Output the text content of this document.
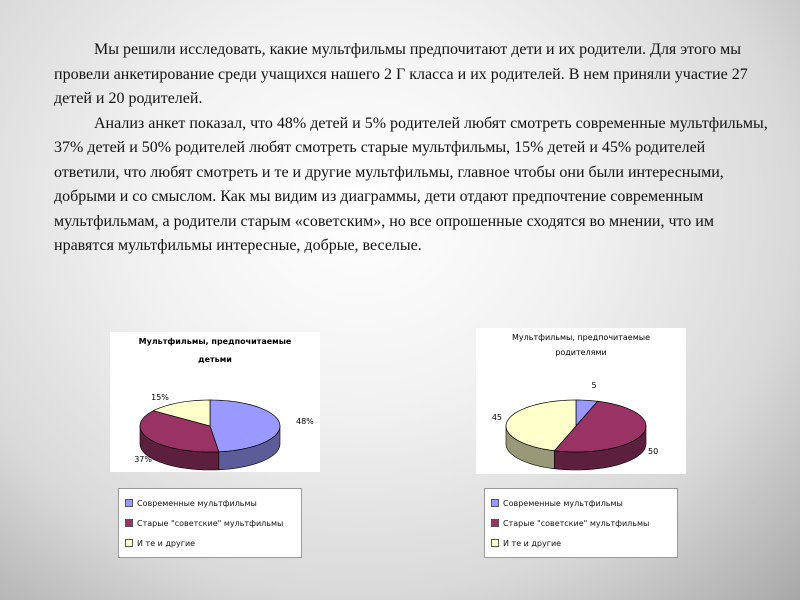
Мы решили исследовать, какие мультфильмы предпочитают дети и их родители. Для этого мы провели анкетирование среди учащихся нашего 2 Г класса и их родителей. В нем приняли участие 27 детей и 20 родителей.

Анализ анкет показал, что 48% детей и 5% родителей любят смотреть современные мультфильмы, 37% детей и 50% родителей любят смотреть старые мультфильмы, 15% детей и 45% родителей ответили, что любят смотреть и те и другие мультфильмы, главное чтобы они были интересными, добрыми и со смыслом. Как мы видим из диаграммы, дети отдают предпочтение современным мультфильмам, а родители старым «советским», но все опрошенные сходятся во мнении, что им нравятся мультфильмы интересные, добрые, веселые.

Мультфильмы, предпочитаемые
детьми
48%
37%
15%
Современные мультфильмы
Старые "советские" мультфильмы
И те и другие
Мультфильмы, предпочитаемые
родителями
5
50
45
Современные мультфильмы
Старые "советские" мультфильмы
И те и другие
